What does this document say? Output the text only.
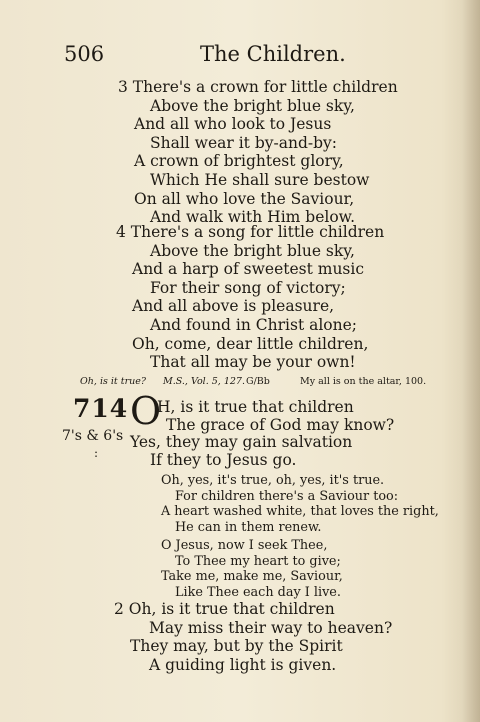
506	The Children.
3 There's a crown for little children
Above the bright blue sky,
And all who look to Jesus
Shall wear it by-and-by:
A crown of brightest glory,
Which He shall sure bestow
On all who love the Saviour,
And walk with Him below.
4 There's a song for little children
Above the bright blue sky,
And a harp of sweetest music
For their song of victory;
And all above is pleasure,
And found in Christ alone;
Oh, come, dear little children,
That all may be your own!
Oh, is it true? M.S., Vol. 5, 127. G/Bb	My all is on the altar, 100.
714
7's & 6's
:
O
H, is it true that children
The grace of God may know?
Yes, they may gain salvation
If they to Jesus go.
Oh, yes, it's true, oh, yes, it's true.
For children there's a Saviour too:
A heart washed white, that loves the right,
He can in them renew.
O Jesus, now I seek Thee,
To Thee my heart to give;
Take me, make me, Saviour,
Like Thee each day I live.
2 Oh, is it true that children
May miss their way to heaven?
They may, but by the Spirit
A guiding light is given.
